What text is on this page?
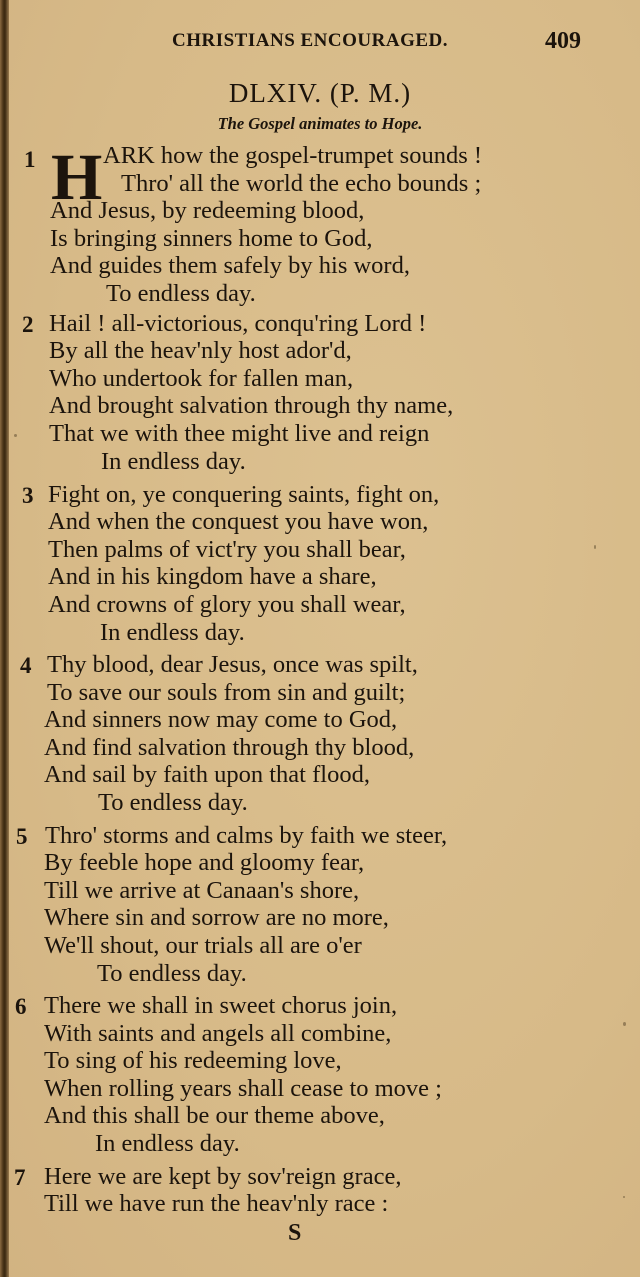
CHRISTIANS ENCOURAGED.	409
DLXIV. (P. M.)
The Gospel animates to Hope.
1 H ARK how the gospel-trumpet sounds !
Thro' all the world the echo bounds ;
And Jesus, by redeeming blood,
Is bringing sinners home to God,
And guides them safely by his word,
To endless day.
2 Hail ! all-victorious, conqu'ring Lord !
By all the heav'nly host ador'd,
Who undertook for fallen man,
And brought salvation through thy name,
That we with thee might live and reign
In endless day.
3 Fight on, ye conquering saints, fight on,
And when the conquest you have won,
Then palms of vict'ry you shall bear,
And in his kingdom have a share,
And crowns of glory you shall wear,
In endless day.
4 Thy blood, dear Jesus, once was spilt,
To save our souls from sin and guilt;
And sinners now may come to God,
And find salvation through thy blood,
And sail by faith upon that flood,
To endless day.
5 Thro' storms and calms by faith we steer,
By feeble hope and gloomy fear,
Till we arrive at Canaan's shore,
Where sin and sorrow are no more,
We'll shout, our trials all are o'er
To endless day.
6 There we shall in sweet chorus join,
With saints and angels all combine,
To sing of his redeeming love,
When rolling years shall cease to move ;
And this shall be our theme above,
In endless day.
7 Here we are kept by sov'reign grace,
Till we have run the heav'nly race :
S
